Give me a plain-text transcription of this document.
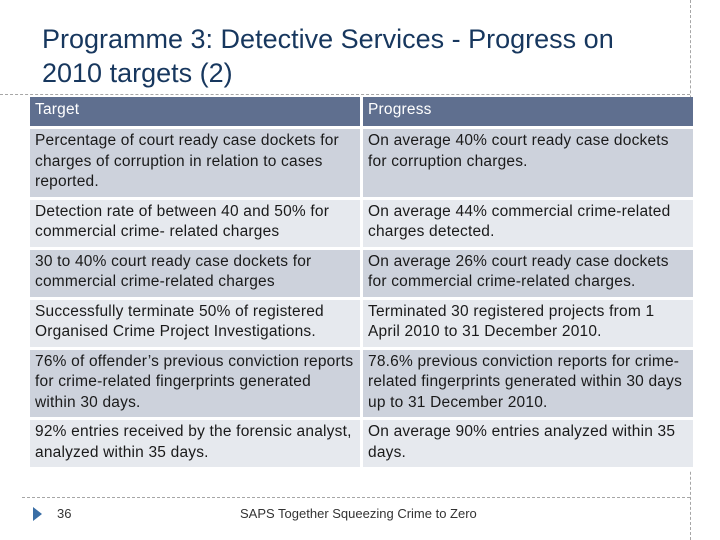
Programme 3: Detective Services - Progress on
2010 targets (2)
Target	Progress
Percentage of court ready case dockets for charges of corruption in relation to cases reported.	On average 40% court ready case dockets for corruption charges.
Detection rate of between 40 and 50% for commercial crime- related charges	On average 44% commercial crime-related charges detected.
30 to 40% court ready case dockets for commercial crime-related charges	On average 26% court ready case dockets for commercial crime-related charges.
Successfully terminate 50% of registered Organised Crime Project Investigations.	Terminated 30 registered projects from 1 April 2010 to 31 December 2010.
76% of offender’s previous conviction reports for crime-related fingerprints generated within 30 days.	78.6% previous conviction reports for crime-related fingerprints generated within 30 days up to 31 December 2010.
92% entries received by the forensic analyst, analyzed within 35 days.	On average 90% entries analyzed within 35 days.
36	SAPS Together Squeezing Crime to Zero
